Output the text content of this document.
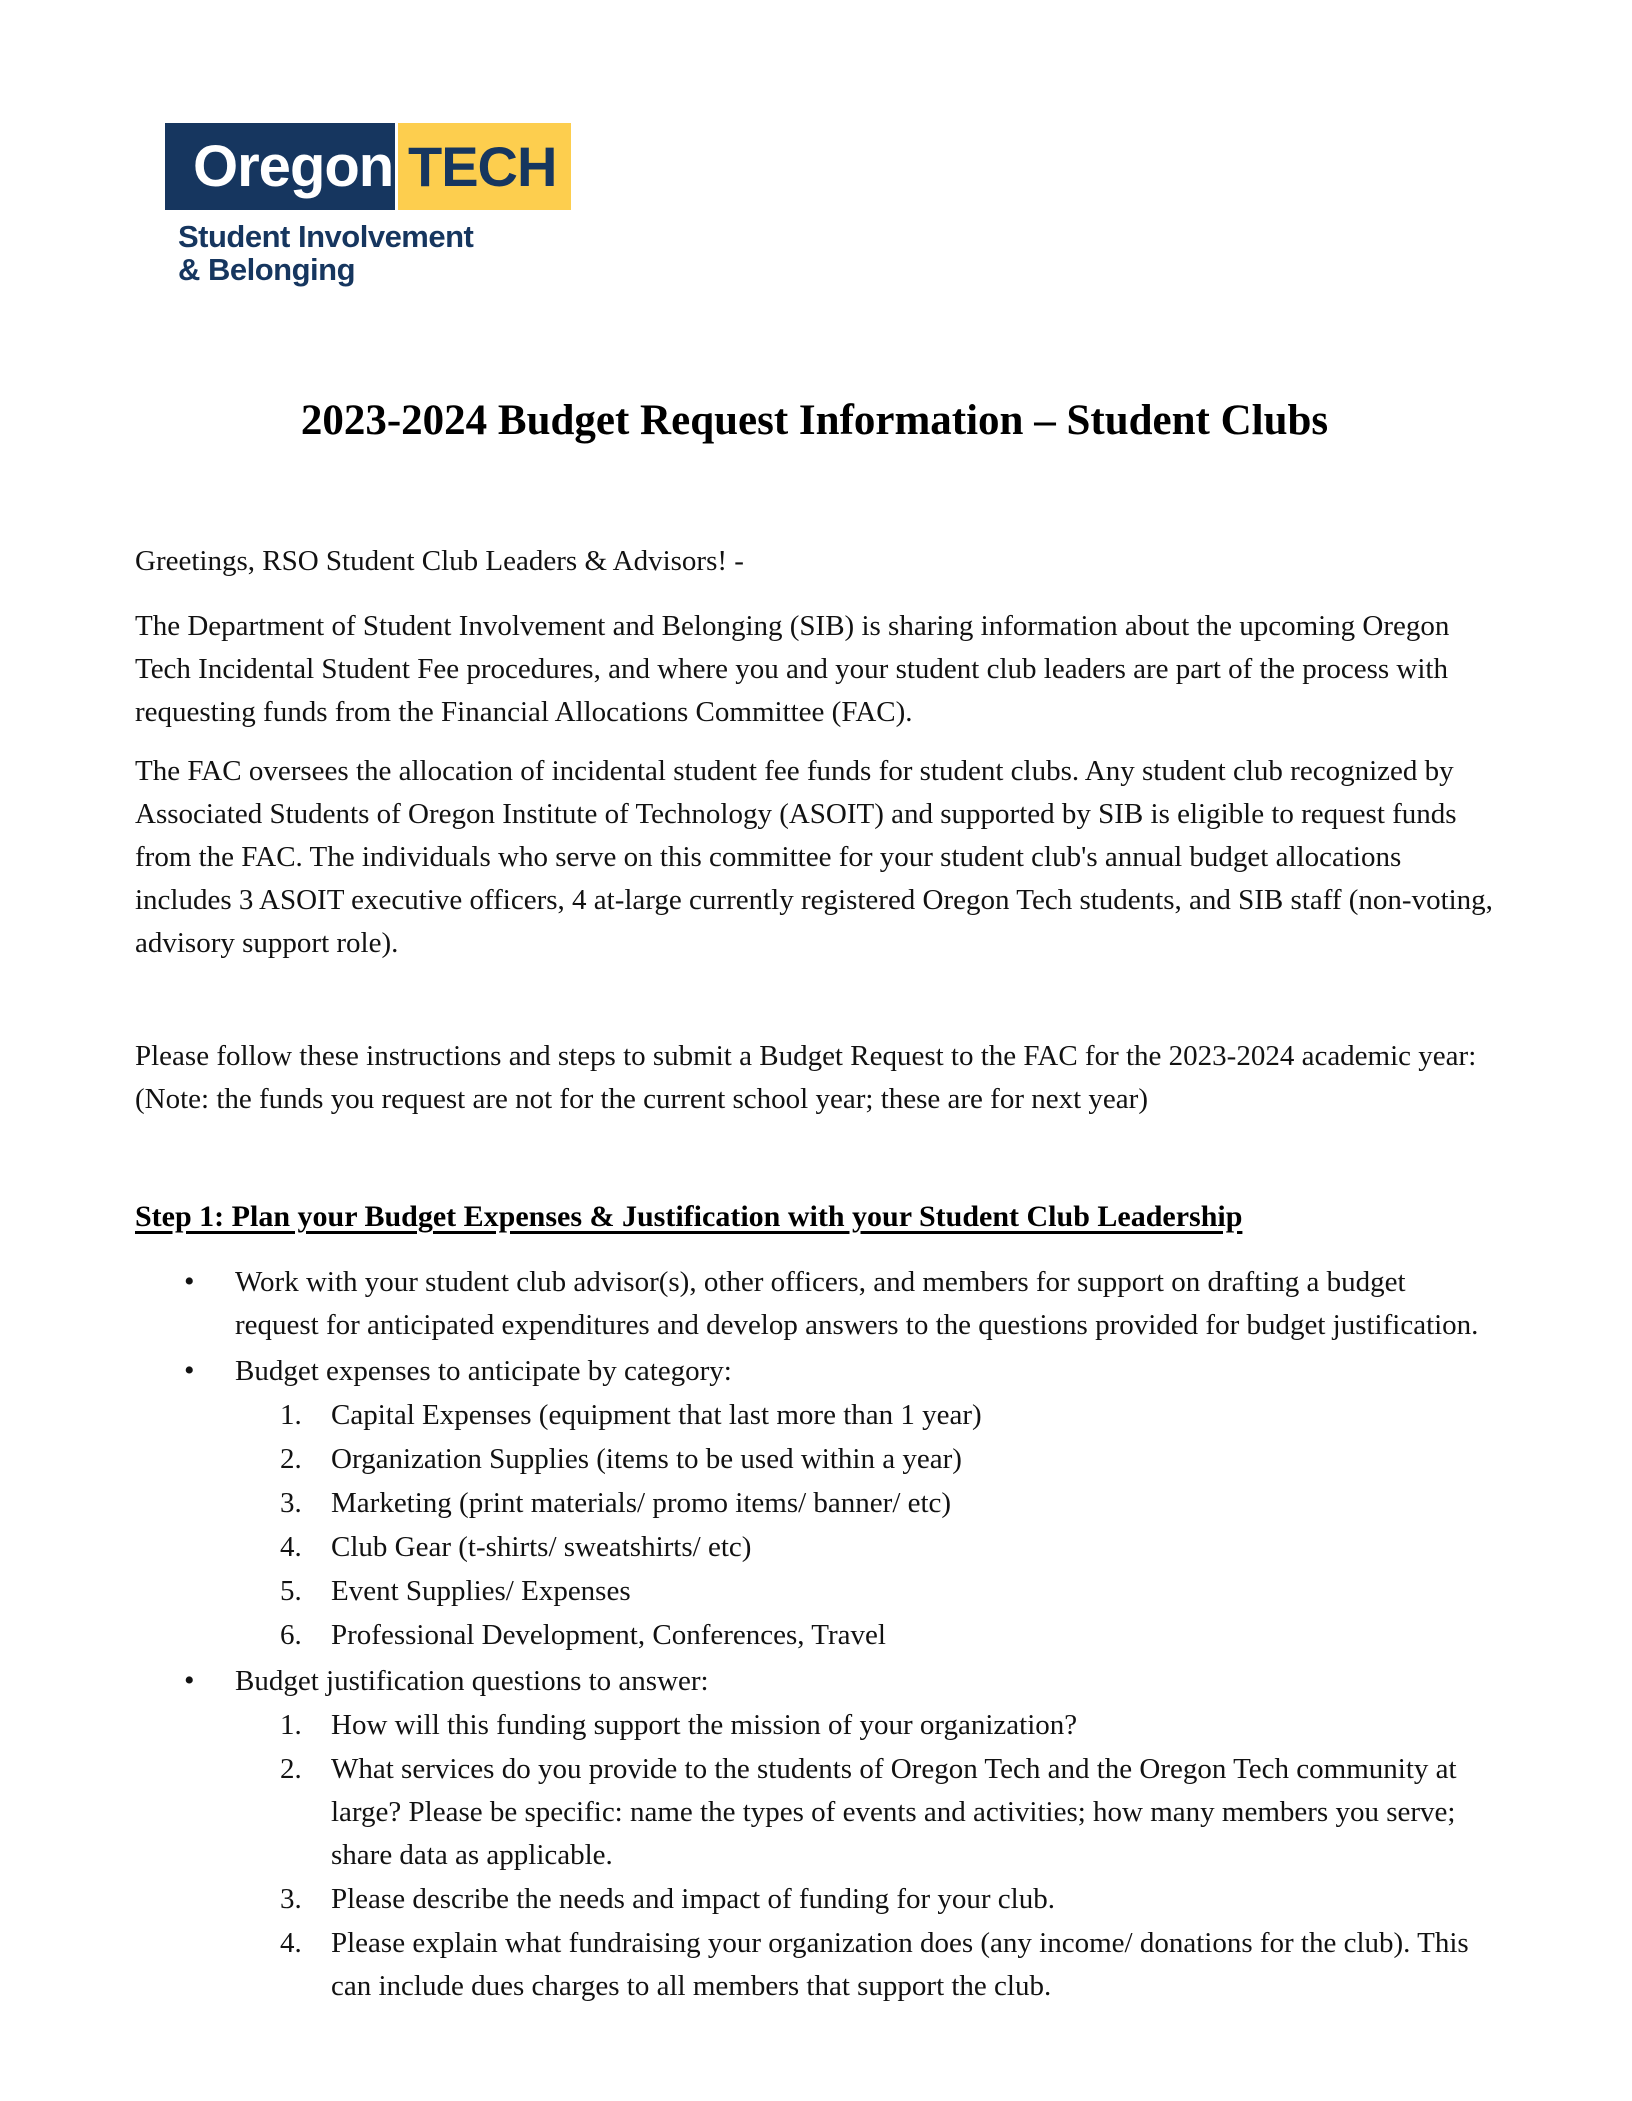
Oregon TECH
Student Involvement
& Belonging
2023-2024 Budget Request Information – Student Clubs

Greetings, RSO Student Club Leaders & Advisors! -

The Department of Student Involvement and Belonging (SIB) is sharing information about the upcoming Oregon Tech Incidental Student Fee procedures, and where you and your student club leaders are part of the process with requesting funds from the Financial Allocations Committee (FAC).

The FAC oversees the allocation of incidental student fee funds for student clubs. Any student club recognized by Associated Students of Oregon Institute of Technology (ASOIT) and supported by SIB is eligible to request funds from the FAC. The individuals who serve on this committee for your student club's annual budget allocations includes 3 ASOIT executive officers, 4 at-large currently registered Oregon Tech students, and SIB staff (non-voting, advisory support role).

Please follow these instructions and steps to submit a Budget Request to the FAC for the 2023-2024 academic year: (Note: the funds you request are not for the current school year; these are for next year)

Step 1: Plan your Budget Expenses & Justification with your Student Club Leadership
• Work with your student club advisor(s), other officers, and members for support on drafting a budget request for anticipated expenditures and develop answers to the questions provided for budget justification.
• Budget expenses to anticipate by category:
Capital Expenses (equipment that last more than 1 year)
Organization Supplies (items to be used within a year)
Marketing (print materials/ promo items/ banner/ etc)
Club Gear (t-shirts/ sweatshirts/ etc)
Event Supplies/ Expenses
Professional Development, Conferences, Travel
• Budget justification questions to answer:
How will this funding support the mission of your organization?
What services do you provide to the students of Oregon Tech and the Oregon Tech community at large? Please be specific: name the types of events and activities; how many members you serve; share data as applicable.
Please describe the needs and impact of funding for your club.
Please explain what fundraising your organization does (any income/ donations for the club). This can include dues charges to all members that support the club.
